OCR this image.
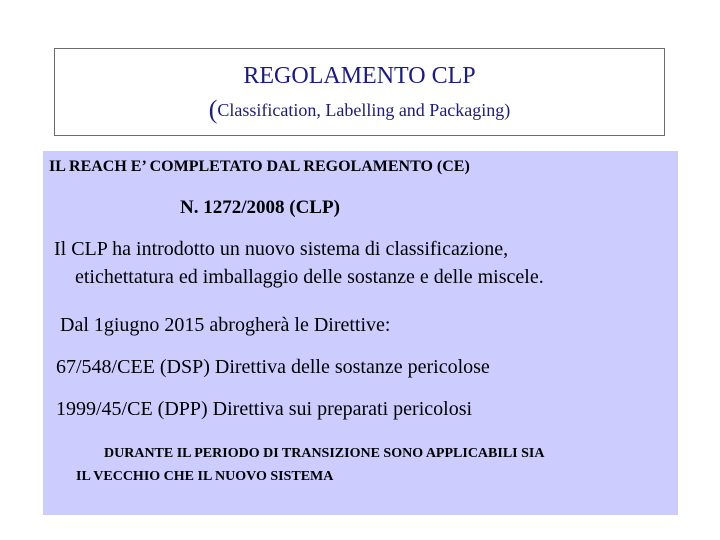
REGOLAMENTO CLP
(Classification, Labelling and Packaging)
IL REACH E’ COMPLETATO DAL REGOLAMENTO (CE)
N. 1272/2008 (CLP)
Il CLP ha introdotto un nuovo sistema di classificazione,
etichettatura ed imballaggio delle sostanze e delle miscele.
Dal 1giugno 2015 abrogherà le Direttive:
67/548/CEE (DSP) Direttiva delle sostanze pericolose
1999/45/CE (DPP) Direttiva sui preparati pericolosi
DURANTE IL PERIODO DI TRANSIZIONE SONO APPLICABILI SIA
IL VECCHIO CHE IL NUOVO SISTEMA
